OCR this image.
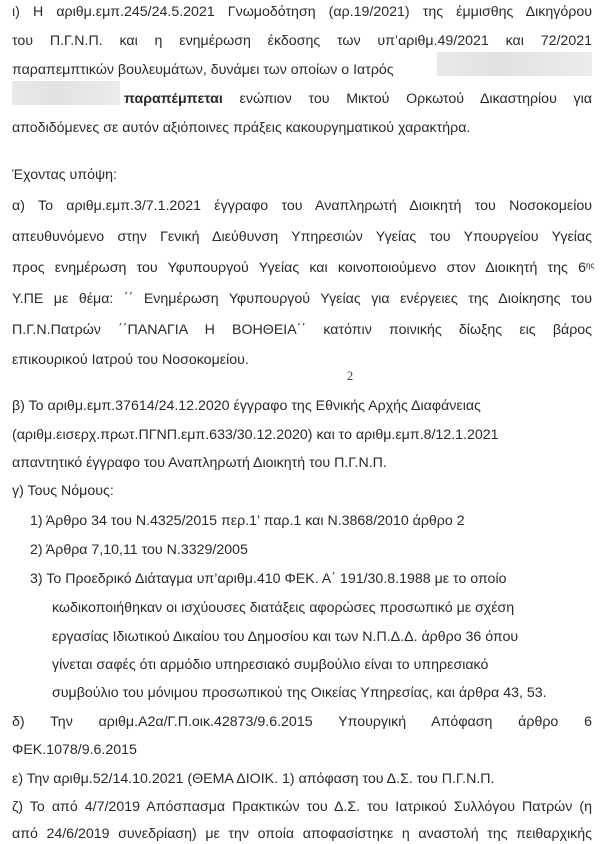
ι) Η αριθμ.εμπ.245/24.5.2021 Γνωμοδότηση (αρ.19/2021) της έμμισθης Δικηγόρου
του Π.Γ.Ν.Π. και η ενημέρωση έκδοσης των υπ’αριθμ.49/2021 και 72/2021
παραπεμπτικών βουλευμάτων, δυνάμει των οποίων ο Ιατρός
παραπέμπεται ενώπιον του Μικτού Ορκωτού Δικαστηρίου για
αποδιδόμενες σε αυτόν αξιόποινες πράξεις κακουργηματικού χαρακτήρα.
Έχοντας υπόψη:
α) Το αριθμ.εμπ.3/7.1.2021 έγγραφο του Αναπληρωτή Διοικητή του Νοσοκομείου
απευθυνόμενο στην Γενική Διεύθυνση Υπηρεσιών Υγείας του Υπουργείου Υγείας
προς ενημέρωση του Υφυπουργού Υγείας και κοινοποιούμενο στον Διοικητή της $6^{\eta\varsigma}$
Υ.ΠΕ με θέμα: ΄΄ Ενημέρωση Υφυπουργού Υγείας για ενέργειες της Διοίκησης του
Π.Γ.Ν.Πατρών ΄΄ΠΑΝΑΓΙΑ Η ΒΟΗΘΕΙΑ΄΄ κατόπιν ποινικής δίωξης εις βάρος
επικουρικού Ιατρού του Νοσοκομείου.
2
β) Το αριθμ.εμπ.37614/24.12.2020 έγγραφο της Εθνικής Αρχής Διαφάνειας
(αριθμ.εισερχ.πρωτ.ΠΓΝΠ.εμπ.633/30.12.2020) και το αριθμ.εμπ.8/12.1.2021
απαντητικό έγγραφο του Αναπληρωτή Διοικητή του Π.Γ.Ν.Π.
γ) Τους Νόμους:
1) Άρθρο 34 του Ν.4325/2015 περ.1’ παρ.1 και Ν.3868/2010 άρθρο 2
2) Άρθρα 7,10,11 του Ν.3329/2005
3) Το Προεδρικό Διάταγμα υπ’αριθμ.410 ΦΕΚ. Α΄ 191/30.8.1988 με το οποίο
κωδικοποιήθηκαν οι ισχύουσες διατάξεις αφορώσες προσωπικό με σχέση
εργασίας Ιδιωτικού Δικαίου του Δημοσίου και των Ν.Π.Δ.Δ. άρθρο 36 όπου
γίνεται σαφές ότι αρμόδιο υπηρεσιακό συμβούλιο είναι το υπηρεσιακό
συμβούλιο του μόνιμου προσωπικού της Οικείας Υπηρεσίας, και άρθρα 43, 53.
δ) Την αριθμ.Α2α/Γ.Π.οικ.42873/9.6.2015 Υπουργική Απόφαση άρθρο 6
ΦΕΚ.1078/9.6.2015
ε) Την αριθμ.52/14.10.2021 (ΘΕΜΑ ΔΙΟΙΚ. 1) απόφαση του Δ.Σ. του Π.Γ.Ν.Π.
ζ) Το από 4/7/2019 Απόσπασμα Πρακτικών του Δ.Σ. του Ιατρικού Συλλόγου Πατρών (η
από 24/6/2019 συνεδρίαση) με την οποία αποφασίστηκε η αναστολή της πειθαρχικής
